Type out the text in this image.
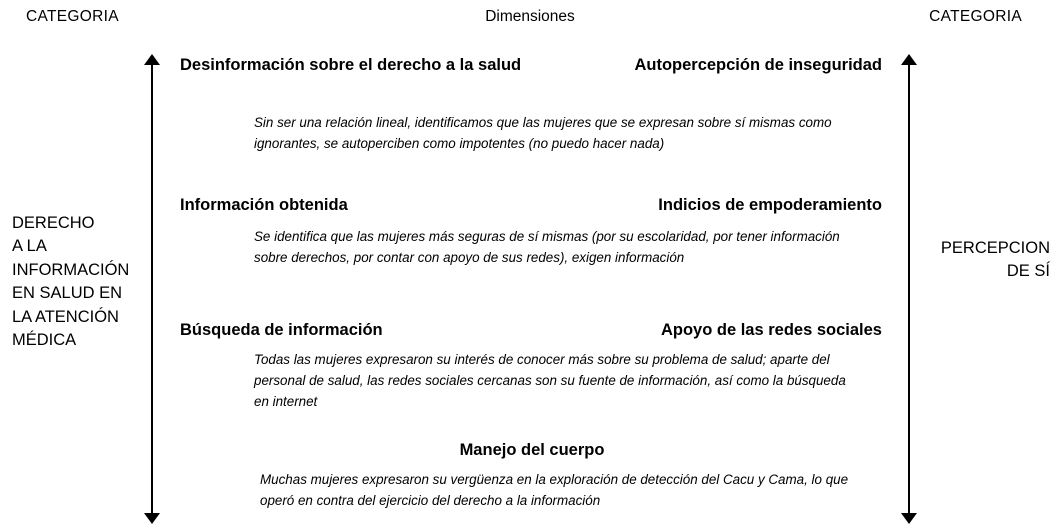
CATEGORIA	Dimensiones	CATEGORIA
DERECHO
A LA
INFORMACIÓN
EN SALUD EN
LA ATENCIÓN
MÉDICA
PERCEPCION
DE SÍ
Desinformación sobre el derecho a la salud	Autopercepción de inseguridad
Sin ser una relación lineal, identificamos que las mujeres que se expresan sobre sí mismas como ignorantes, se autoperciben como impotentes (no puedo hacer nada)
Información obtenida	Indicios de empoderamiento
Se identifica que las mujeres más seguras de sí mismas (por su escolaridad, por tener información sobre derechos, por contar con apoyo de sus redes), exigen información
Búsqueda de información	Apoyo de las redes sociales
Todas las mujeres expresaron su interés de conocer más sobre su problema de salud; aparte del personal de salud, las redes sociales cercanas son su fuente de información, así como la búsqueda en internet
Manejo del cuerpo
Muchas mujeres expresaron su vergüenza en la exploración de detección del Cacu y Cama, lo que operó en contra del ejercicio del derecho a la información
